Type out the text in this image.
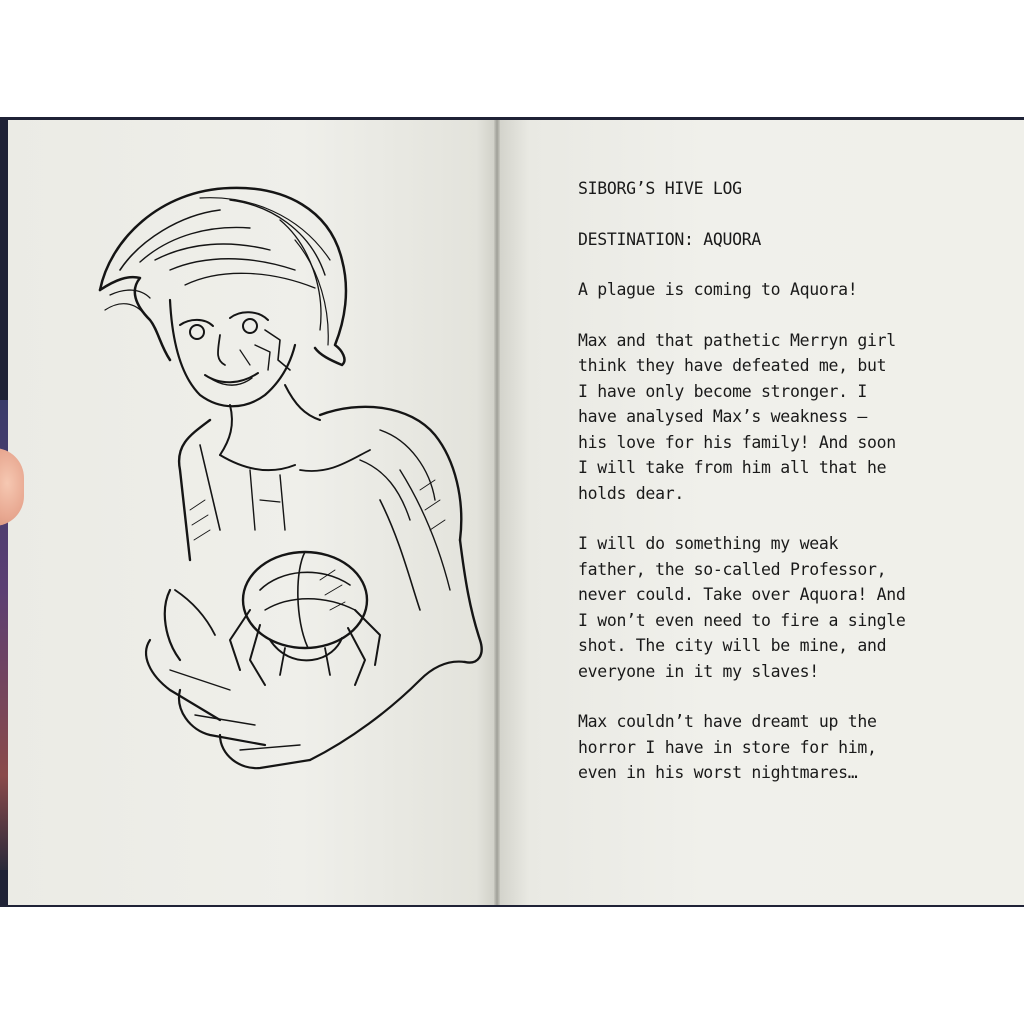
SIBORG’S HIVE LOG

DESTINATION: AQUORA

A plague is coming to Aquora!

Max and that pathetic Merryn girl
think they have defeated me, but
I have only become stronger. I
have analysed Max’s weakness –
his love for his family! And soon
I will take from him all that he
holds dear.

I will do something my weak
father, the so-called Professor,
never could. Take over Aquora! And
I won’t even need to fire a single
shot. The city will be mine, and
everyone in it my slaves!

Max couldn’t have dreamt up the
horror I have in store for him,
even in his worst nightmares…
